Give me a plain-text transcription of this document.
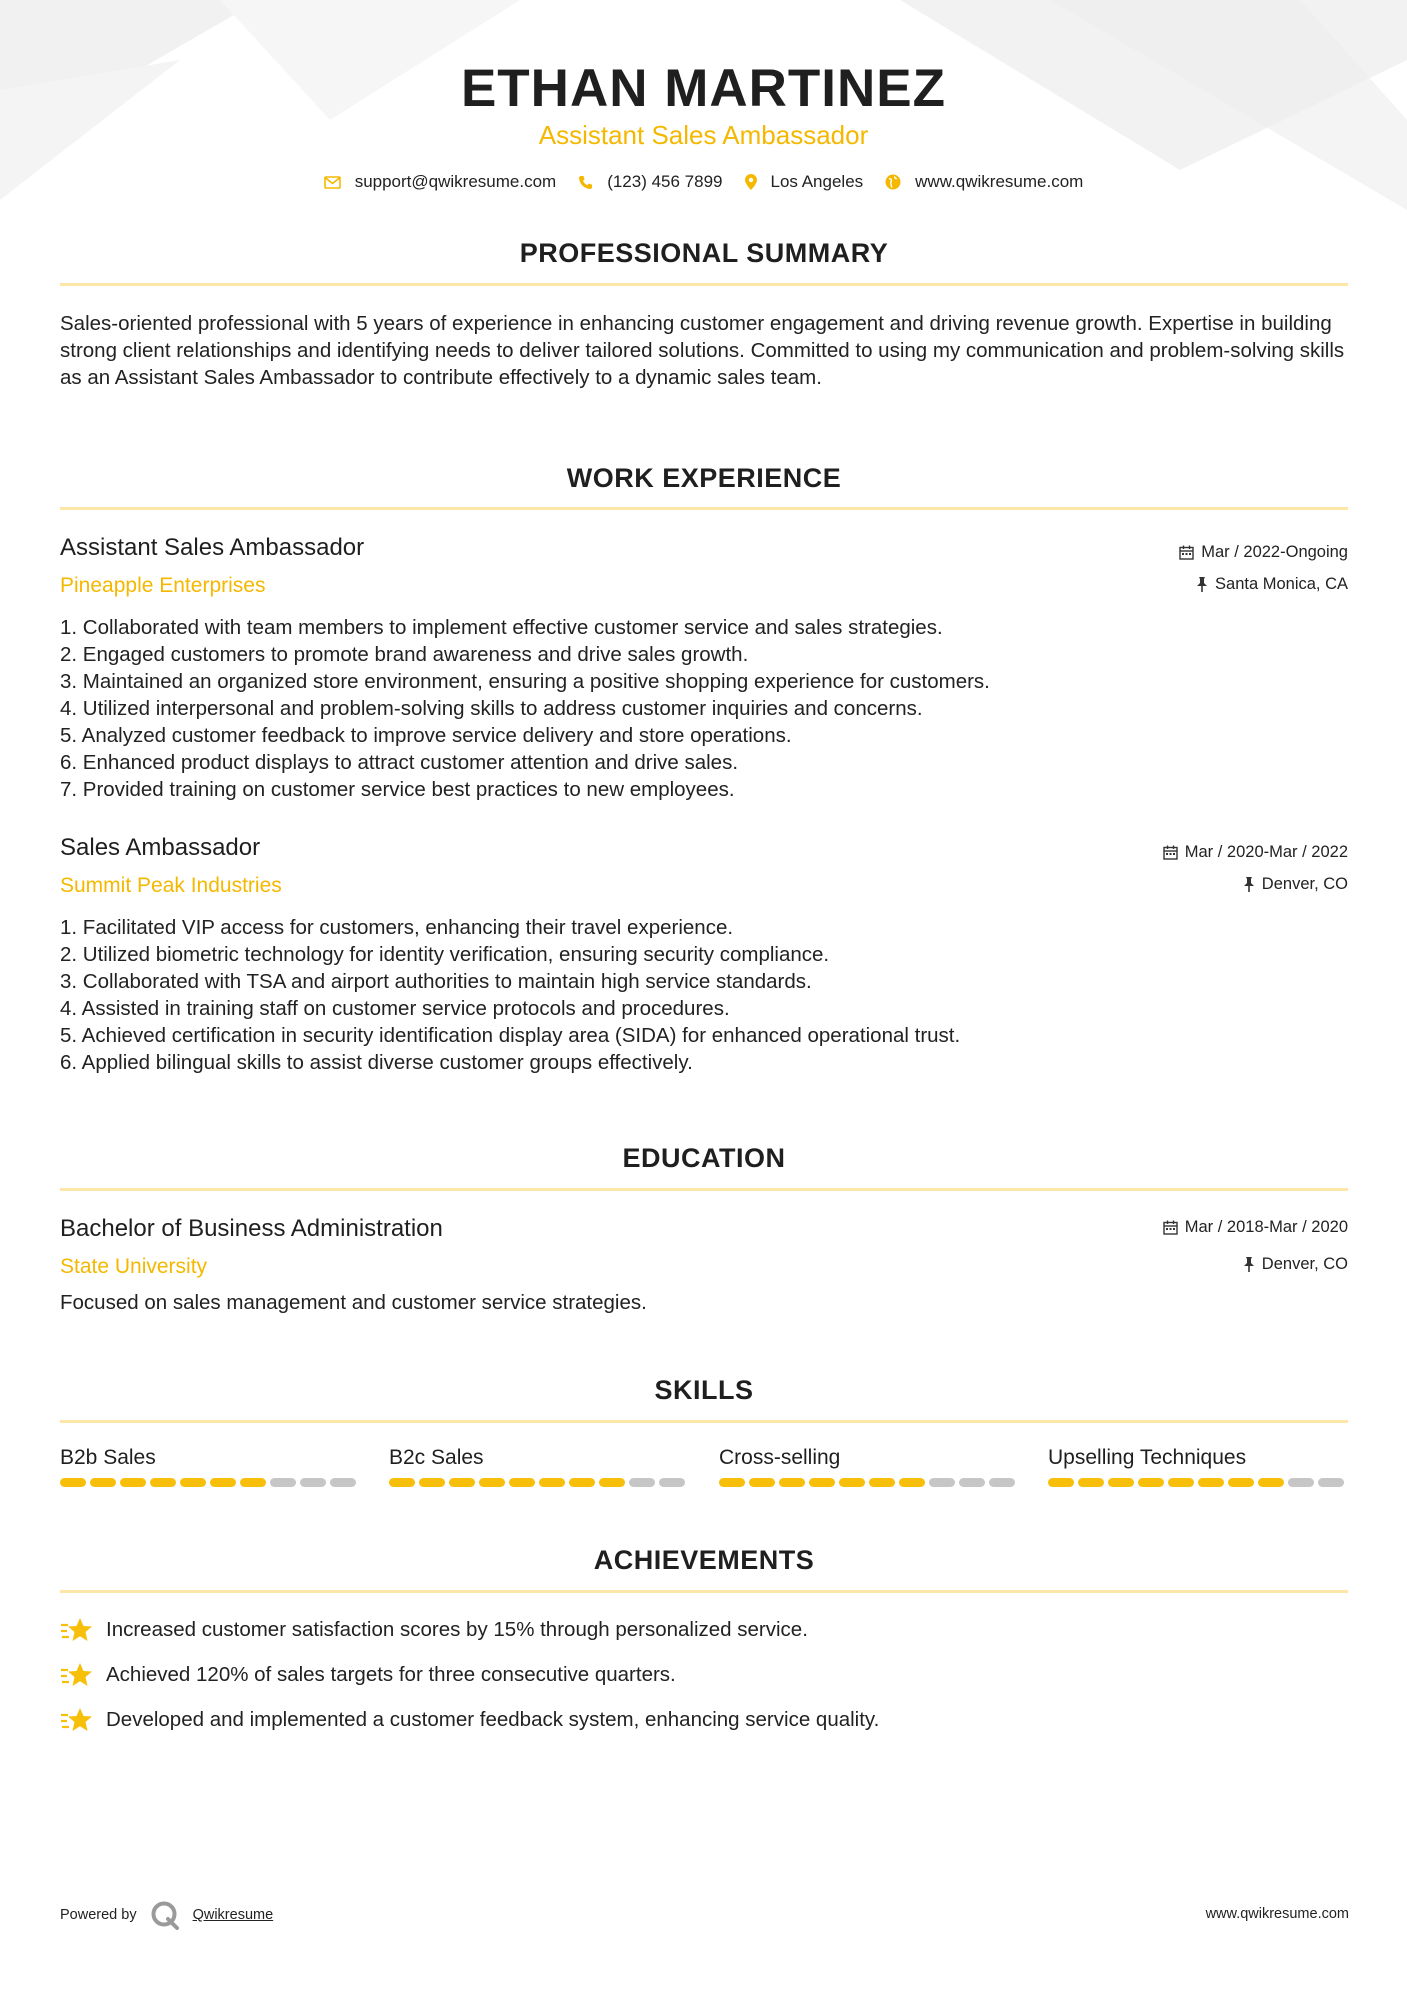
ETHAN MARTINEZ
Assistant Sales Ambassador
support@qwikresume.com	(123) 456 7899	Los Angeles	www.qwikresume.com
PROFESSIONAL SUMMARY

Sales-oriented professional with 5 years of experience in enhancing customer engagement and driving revenue growth. Expertise in building strong client relationships and identifying needs to deliver tailored solutions. Committed to using my communication and problem-solving skills as an Assistant Sales Ambassador to contribute effectively to a dynamic sales team.

WORK EXPERIENCE
Assistant Sales Ambassador
Pineapple Enterprises
Mar / 2022-Ongoing
Santa Monica, CA
1. Collaborated with team members to implement effective customer service and sales strategies.
2. Engaged customers to promote brand awareness and drive sales growth.
3. Maintained an organized store environment, ensuring a positive shopping experience for customers.
4. Utilized interpersonal and problem-solving skills to address customer inquiries and concerns.
5. Analyzed customer feedback to improve service delivery and store operations.
6. Enhanced product displays to attract customer attention and drive sales.
7. Provided training on customer service best practices to new employees.
Sales Ambassador
Summit Peak Industries
Mar / 2020-Mar / 2022
Denver, CO
1. Facilitated VIP access for customers, enhancing their travel experience.
2. Utilized biometric technology for identity verification, ensuring security compliance.
3. Collaborated with TSA and airport authorities to maintain high service standards.
4. Assisted in training staff on customer service protocols and procedures.
5. Achieved certification in security identification display area (SIDA) for enhanced operational trust.
6. Applied bilingual skills to assist diverse customer groups effectively.
EDUCATION
Bachelor of Business Administration
State University
Mar / 2018-Mar / 2020
Denver, CO

Focused on sales management and customer service strategies.

SKILLS
B2b Sales	B2c Sales	Cross-selling	Upselling Techniques
ACHIEVEMENTS
Increased customer satisfaction scores by 15% through personalized service.
Achieved 120% of sales targets for three consecutive quarters.
Developed and implemented a customer feedback system, enhancing service quality.
Powered by	Qwikresume	www.qwikresume.com
